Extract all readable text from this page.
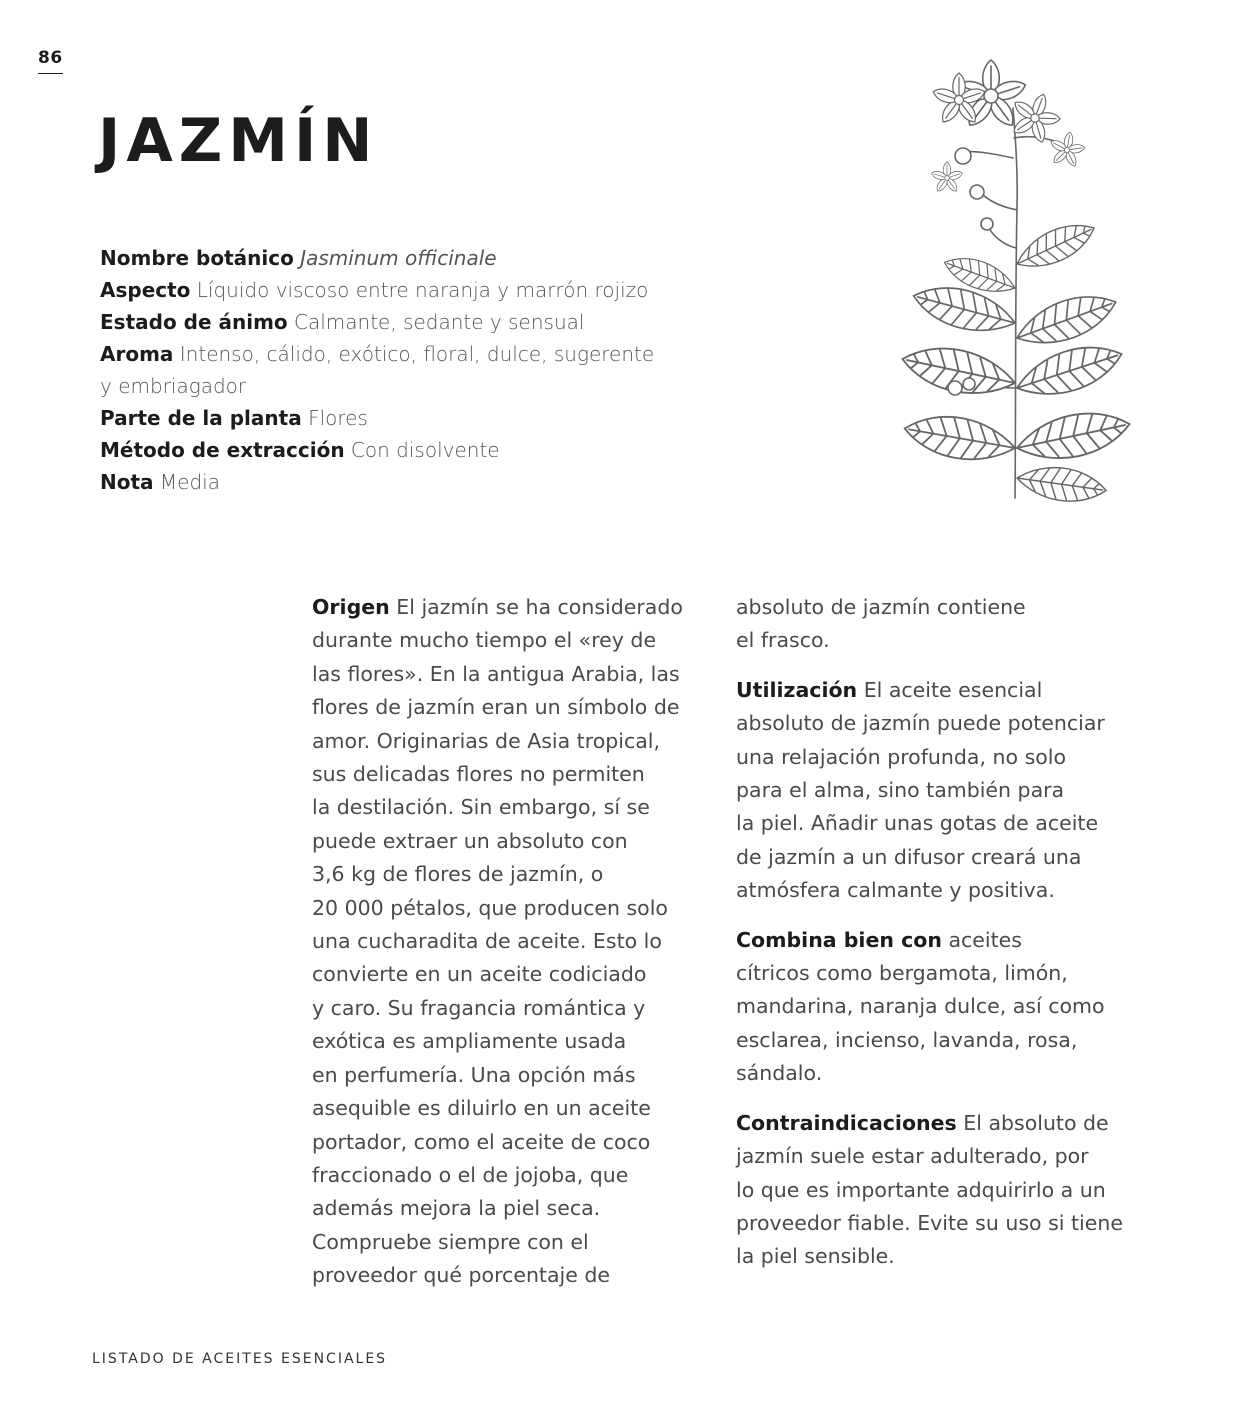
86
JAZMÍN
Nombre botánico Jasminum officinale
Aspecto Líquido viscoso entre naranja y marrón rojizo
Estado de ánimo Calmante, sedante y sensual
Aroma Intenso, cálido, exótico, floral, dulce, sugerente
y embriagador
Parte de la planta Flores
Método de extracción Con disolvente
Nota Media

Origen El jazmín se ha considerado
durante mucho tiempo el «rey de
las flores». En la antigua Arabia, las
flores de jazmín eran un símbolo de
amor. Originarias de Asia tropical,
sus delicadas flores no permiten
la destilación. Sin embargo, sí se
puede extraer un absoluto con
3,6 kg de flores de jazmín, o
20 000 pétalos, que producen solo
una cucharadita de aceite. Esto lo
convierte en un aceite codiciado
y caro. Su fragancia romántica y
exótica es ampliamente usada
en perfumería. Una opción más
asequible es diluirlo en un aceite
portador, como el aceite de coco
fraccionado o el de jojoba, que
además mejora la piel seca.
Compruebe siempre con el
proveedor qué porcentaje de

absoluto de jazmín contiene
el frasco.

Utilización El aceite esencial
absoluto de jazmín puede potenciar
una relajación profunda, no solo
para el alma, sino también para
la piel. Añadir unas gotas de aceite
de jazmín a un difusor creará una
atmósfera calmante y positiva.

Combina bien con aceites
cítricos como bergamota, limón,
mandarina, naranja dulce, así como
esclarea, incienso, lavanda, rosa,
sándalo.

Contraindicaciones El absoluto de
jazmín suele estar adulterado, por
lo que es importante adquirirlo a un
proveedor fiable. Evite su uso si tiene
la piel sensible.

LISTADO DE ACEITES ESENCIALES
